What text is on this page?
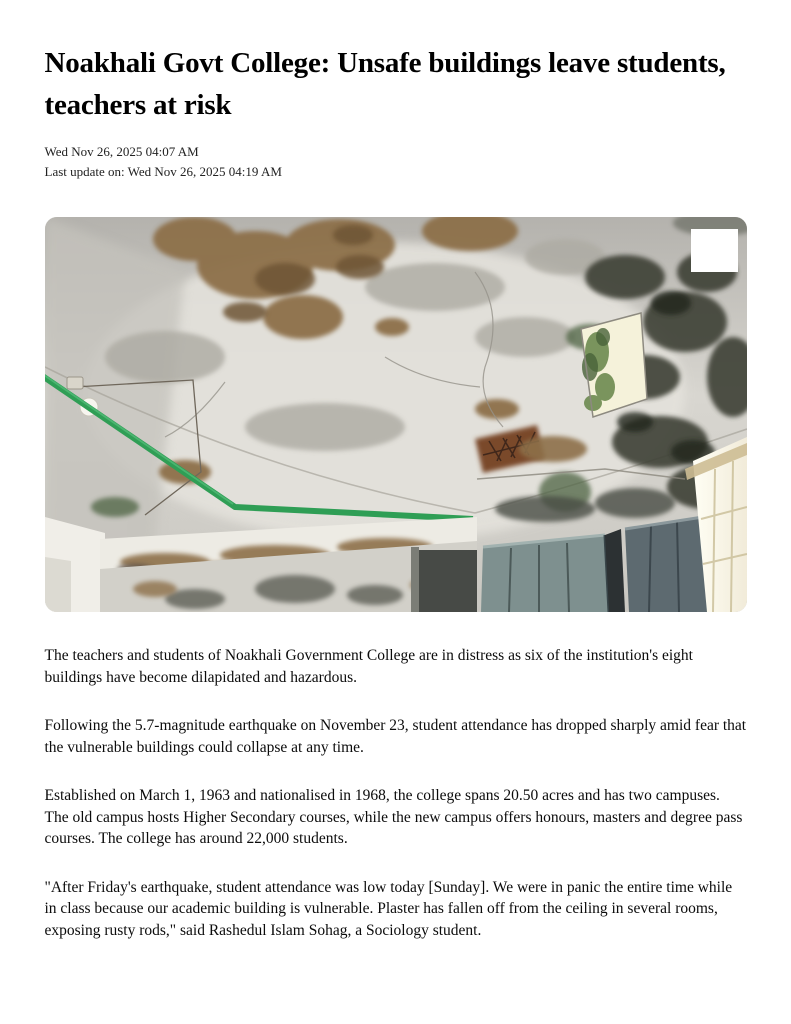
Noakhali Govt College: Unsafe buildings leave students, teachers at risk

Wed Nov 26, 2025 04:07 AM

Last update on: Wed Nov 26, 2025 04:19 AM

The teachers and students of Noakhali Government College are in distress as six of the institution's eight buildings have become dilapidated and hazardous.

Following the 5.7-magnitude earthquake on November 23, student attendance has dropped sharply amid fear that the vulnerable buildings could collapse at any time.

Established on March 1, 1963 and nationalised in 1968, the college spans 20.50 acres and has two campuses. The old campus hosts Higher Secondary courses, while the new campus offers honours, masters and degree pass courses. The college has around 22,000 students.

"After Friday's earthquake, student attendance was low today [Sunday]. We were in panic the entire time while in class because our academic building is vulnerable. Plaster has fallen off from the ceiling in several rooms, exposing rusty rods," said Rashedul Islam Sohag, a Sociology student.
